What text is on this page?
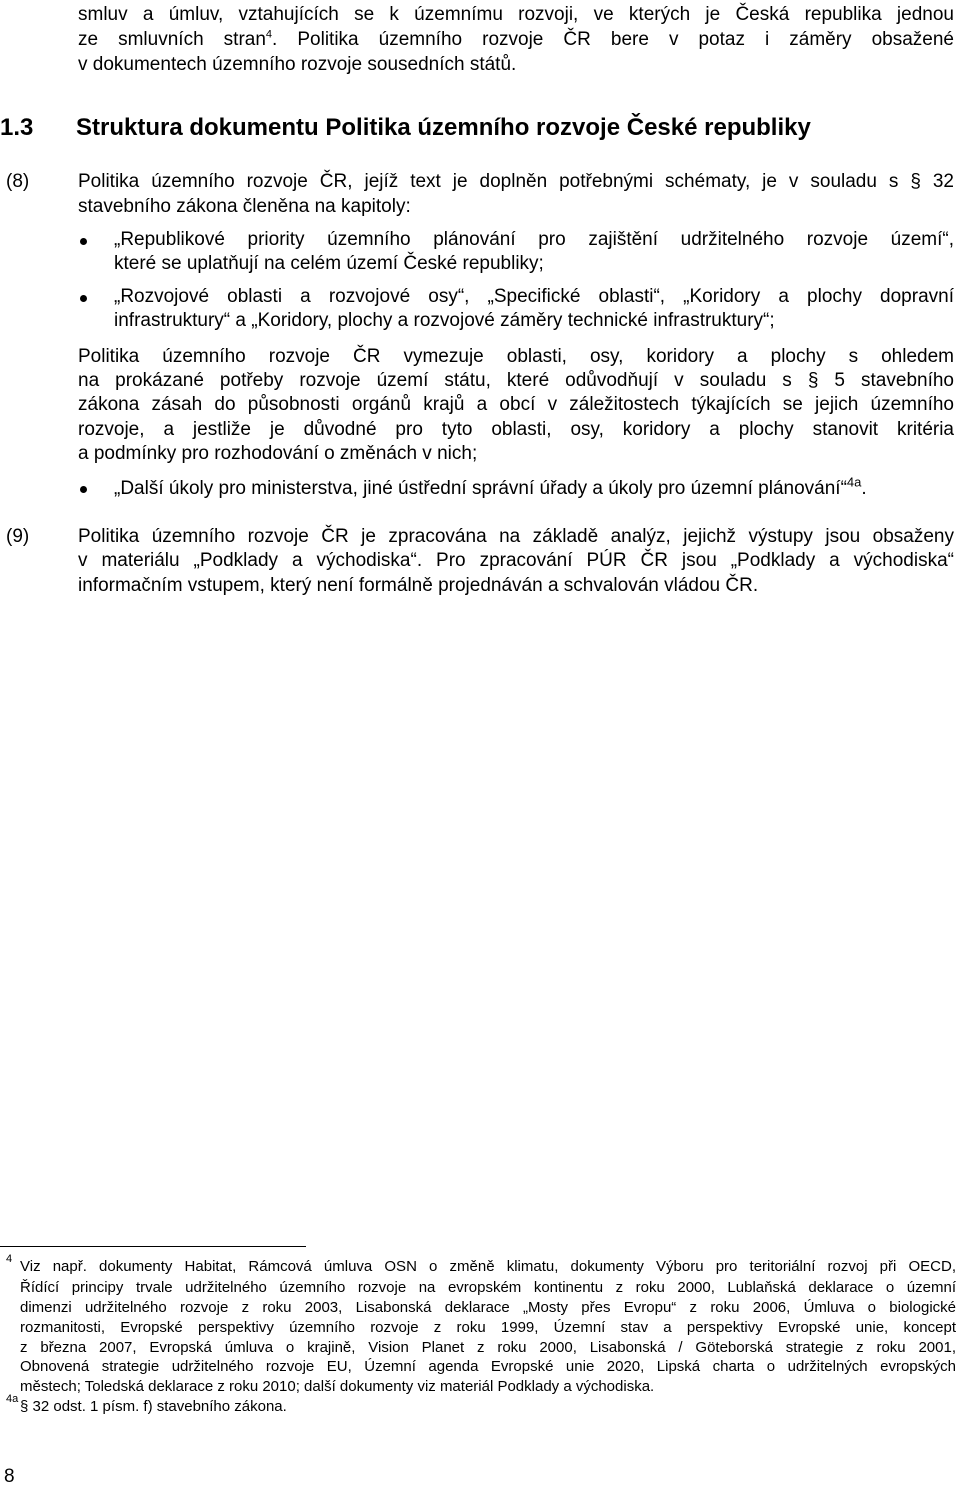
smluv a úmluv, vztahujících se k územnímu rozvoji, ve kterých je Česká republika jednou
ze smluvních stran$^4$. Politika územního rozvoje ČR bere v potaz i záměry obsažené
v dokumentech územního rozvoje sousedních států.
1.3 Struktura dokumentu Politika územního rozvoje České republiky
(8)	Politika územního rozvoje ČR, jejíž text je doplněn potřebnými schématy, je v souladu s § 32
stavebního zákona členěna na kapitoly:
„Republikové priority územního plánování pro zajištění udržitelného rozvoje území“,
které se uplatňují na celém území České republiky;
„Rozvojové oblasti a rozvojové osy“, „Specifické oblasti“, „Koridory a plochy dopravní
infrastruktury“ a „Koridory, plochy a rozvojové záměry technické infrastruktury“;
Politika územního rozvoje ČR vymezuje oblasti, osy, koridory a plochy s ohledem
na prokázané potřeby rozvoje území státu, které odůvodňují v souladu s § 5 stavebního
zákona zásah do působnosti orgánů krajů a obcí v záležitostech týkajících se jejich územního
rozvoje, a jestliže je důvodné pro tyto oblasti, osy, koridory a plochy stanovit kritéria
a podmínky pro rozhodování o změnách v nich;
„Další úkoly pro ministerstva, jiné ústřední správní úřady a úkoly pro územní plánování“$^{4a}$.
(9)	Politika územního rozvoje ČR je zpracována na základě analýz, jejichž výstupy jsou obsaženy
v materiálu „Podklady a východiska“. Pro zpracování PÚR ČR jsou „Podklady a východiska“
informačním vstupem, který není formálně projednáván a schvalován vládou ČR.
4 Viz např. dokumenty Habitat, Rámcová úmluva OSN o změně klimatu, dokumenty Výboru pro teritoriální rozvoj při OECD,
Řídící principy trvale udržitelného územního rozvoje na evropském kontinentu z roku 2000, Lublaňská deklarace o územní
dimenzi udržitelného rozvoje z roku 2003, Lisabonská deklarace „Mosty přes Evropu“ z roku 2006, Úmluva o biologické
rozmanitosti, Evropské perspektivy územního rozvoje z roku 1999, Územní stav a perspektivy Evropské unie, koncept
z března 2007, Evropská úmluva o krajině, Vision Planet z roku 2000, Lisabonská / Göteborská strategie z roku 2001,
Obnovená strategie udržitelného rozvoje EU, Územní agenda Evropské unie 2020, Lipská charta o udržitelných evropských
městech; Toledská deklarace z roku 2010; další dokumenty viz materiál Podklady a východiska.
4a § 32 odst. 1 písm. f) stavebního zákona.
8
